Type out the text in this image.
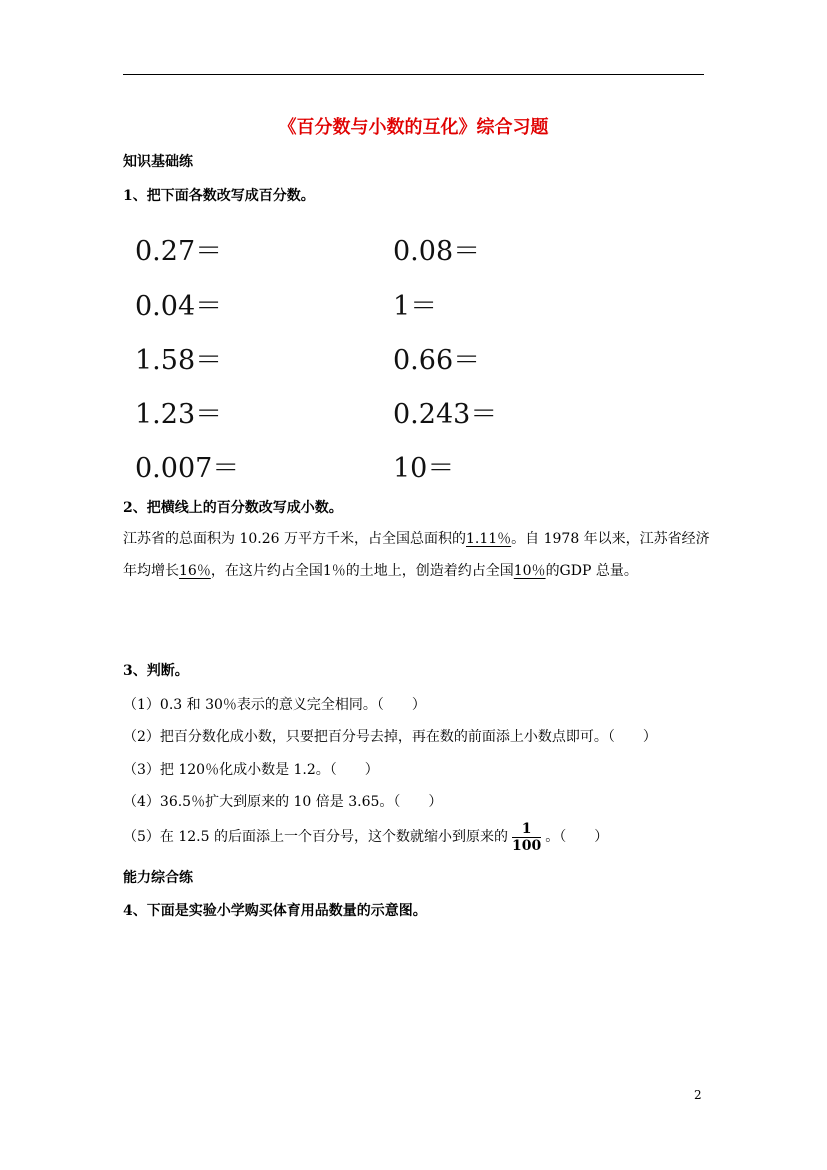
《百分数与小数的互化》综合习题
知识基础练
1、把下面各数改写成百分数。
0.27＝
0.04＝
1.58＝
1.23＝
0.007＝
0.08＝
1＝
0.66＝
0.243＝
10＝
2、把横线上的百分数改写成小数。
江苏省的总面积为 10.26 万平方千米，占全国总面积的1.11％。自 1978 年以来，江苏省经济年均增长16％，在这片约占全国1％的土地上，创造着约占全国10％的GDP 总量。
3、判断。
（1）0.3 和 30％表示的意义完全相同。（　　）
（2）把百分数化成小数，只要把百分号去掉，再在数的前面添上小数点即可。（　　）
（3）把 120％化成小数是 1.2。（　　）
（4）36.5％扩大到原来的 10 倍是 3.65。（　　）
（5）在 12.5 的后面添上一个百分号，这个数就缩小到原来的 $\frac{1}{100}$ 。（　　）
能力综合练
4、下面是实验小学购买体育用品数量的示意图。
2
